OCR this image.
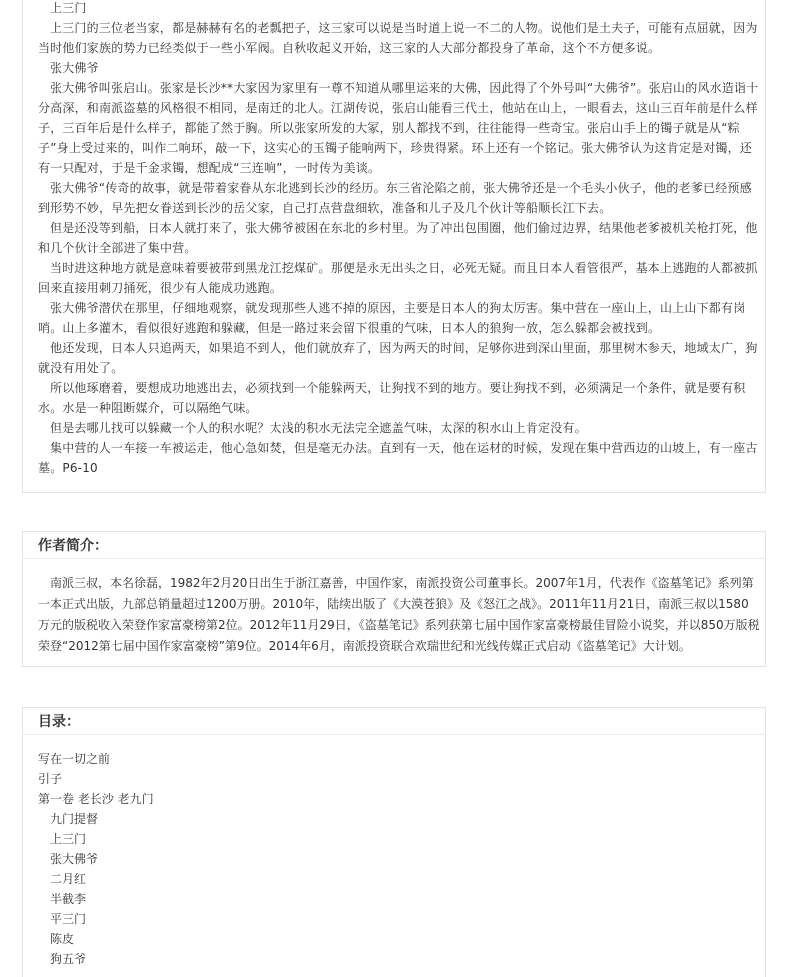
上三门

上三门的三位老当家，都是赫赫有名的老瓢把子，这三家可以说是当时道上说一不二的人物。说他们是土夫子，可能有点屈就，因为当时他们家族的势力已经类似于一些小军阀。自秋收起义开始，这三家的人大部分都投身了革命，这个不方便多说。

张大佛爷

张大佛爷叫张启山。张家是长沙**大家因为家里有一尊不知道从哪里运来的大佛，因此得了个外号叫“大佛爷”。张启山的风水造诣十分高深，和南派盗墓的风格很不相同，是南迁的北人。江湖传说，张启山能看三代土，他站在山上，一眼看去，这山三百年前是什么样子，三百年后是什么样子，都能了然于胸。所以张家所发的大冢，别人都找不到，往往能得一些奇宝。张启山手上的镯子就是从“粽子”身上受过来的，叫作二响环，敲一下，这实心的玉镯子能响两下，珍贵得紧。环上还有一个铭记。张大佛爷认为这肯定是对镯，还有一只配对，于是千金求镯，想配成“三连响”，一时传为美谈。

张大佛爷“传奇的故事，就是带着家眷从东北逃到长沙的经历。东三省沦陷之前，张大佛爷还是一个毛头小伙子，他的老爹已经预感到形势不妙，早先把女眷送到长沙的岳父家，自己打点营盘细软，准备和儿子及几个伙计等船顺长江下去。

但是还没等到船，日本人就打来了，张大佛爷被困在东北的乡村里。为了冲出包围圈，他们偷过边界，结果他老爹被机关枪打死，他和几个伙计全部进了集中营。

当时进这种地方就是意味着要被带到黑龙江挖煤矿。那便是永无出头之日，必死无疑。而且日本人看管很严，基本上逃跑的人都被抓回来直接用刺刀捅死，很少有人能成功逃跑。

张大佛爷潜伏在那里，仔细地观察，就发现那些人逃不掉的原因，主要是日本人的狗太厉害。集中营在一座山上，山上山下都有岗哨。山上多灌木，看似很好逃跑和躲藏，但是一路过来会留下很重的气味，日本人的狼狗一放，怎么躲都会被找到。

他还发现，日本人只追两天，如果追不到人，他们就放弃了，因为两天的时间，足够你进到深山里面，那里树木参天，地域太广，狗就没有用处了。

所以他琢磨着，要想成功地逃出去，必须找到一个能躲两天，让狗找不到的地方。要让狗找不到，必须满足一个条件，就是要有积水。水是一种阻断媒介，可以隔绝气味。

但是去哪儿找可以躲藏一个人的积水呢？太浅的积水无法完全遮盖气味，太深的积水山上肯定没有。

集中营的人一车接一车被运走，他心急如焚，但是毫无办法。直到有一天，他在运材的时候，发现在集中营西边的山坡上，有一座古墓。P6-10

作者简介：

南派三叔，本名徐磊，1982年2月20日出生于浙江嘉善，中国作家，南派投资公司董事长。2007年1月，代表作《盗墓笔记》系列第一本正式出版，九部总销量超过1200万册。2010年，陆续出版了《大漠苍狼》及《怒江之战》。2011年11月21日，南派三叔以1580万元的版税收入荣登作家富豪榜第2位。2012年11月29日，《盗墓笔记》系列获第七届中国作家富豪榜最佳冒险小说奖，并以850万版税荣登“2012第七届中国作家富豪榜”第9位。2014年6月，南派投资联合欢瑞世纪和光线传媒正式启动《盗墓笔记》大计划。

目录：
写在一切之前
引子
第一卷 老长沙 老九门
九门提督
上三门
张大佛爷
二月红
半截李
平三门
陈皮
狗五爷
